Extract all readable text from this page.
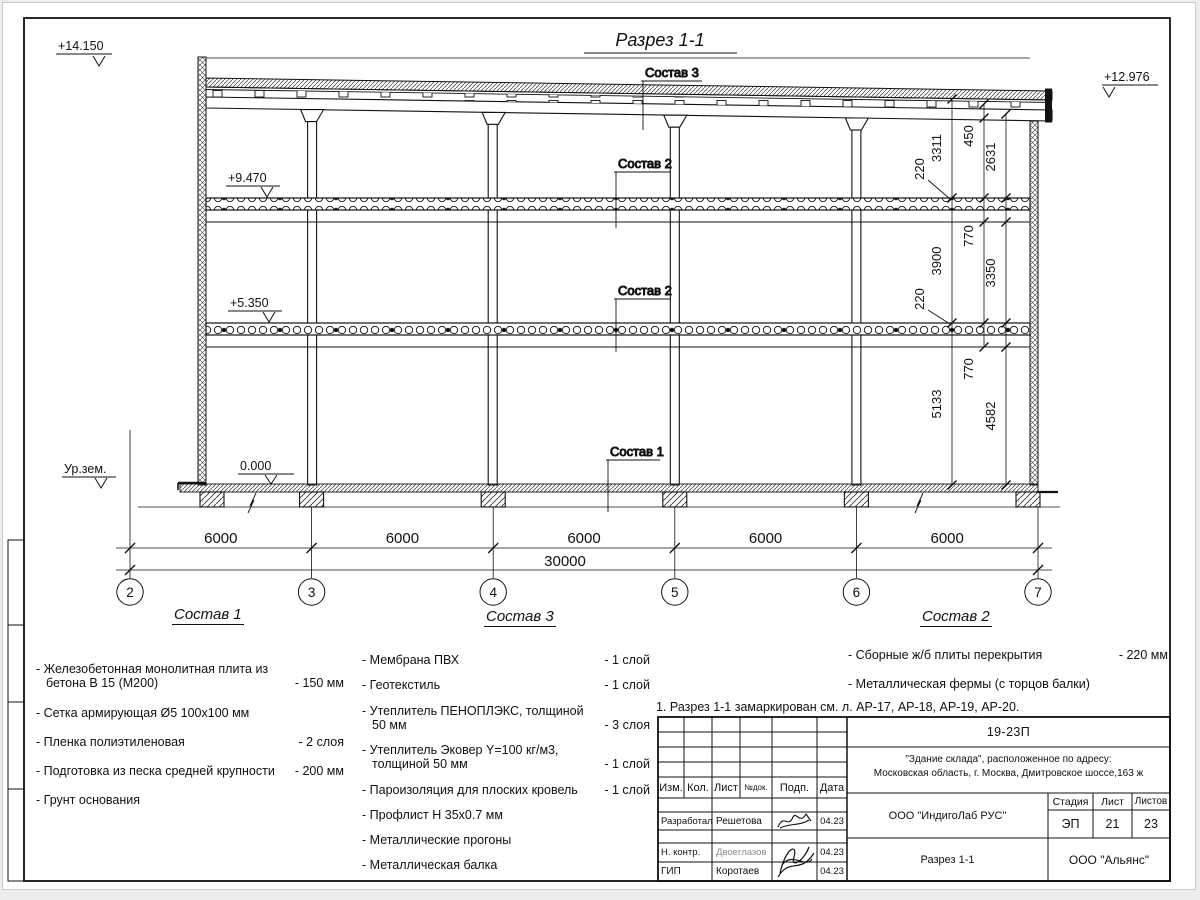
Разрез 1-1
+14.150
+12.976
+9.470
+5.350
0.000
Ур.зем.
Состав 3
Состав 2
Состав 2
Состав 1
220
3311 450
2631
220
770
3900	3350
770
5133	4582
6000	6000	6000	6000	6000
30000
2	3	4	5	6	7
Состав 1	Состав 3	Состав 2
- Железобетонная монолитная плита из бетона В 15 (М200)	- 150 мм
- Сетка армирующая Ø5 100х100 мм
- Пленка полиэтиленовая	- 2 слоя
- Подготовка из песка средней крупности	- 200 мм
- Грунт основания
- Мембрана ПВХ	- 1 слой
- Геотекстиль	- 1 слой
- Утеплитель ПЕНОПЛЭКС, толщиной 50 мм	- 3 слоя
- Утеплитель Эковер Y=100 кг/м3, толщиной 50 мм	- 1 слой
- Пароизоляция для плоских кровель	- 1 слой
- Профлист Н 35х0.7 мм
- Металлические прогоны
- Металлическая балка
- Сборные ж/б плиты перекрытия	- 220 мм
- Металлическая фермы (с торцов балки)
1. Разрез 1-1 замаркирован см. л. АР-17, АР-18, АР-19, АР-20.
Изм. Кол. Лист №док.	Подп. Дата
Разработал Решетова	04.23
Н. контр.	Двоеглазов	04.23
ГИП	Коротаев	04.23
19-23П
"Здание склада", расположенное по адресу:
Московская область, г. Москва, Дмитровское шоссе,163 ж
ООО "ИндигоЛаб РУС"
Разрез 1-1	ООО "Альянс"
Стадия	Лист	Листов
ЭП	21	23
